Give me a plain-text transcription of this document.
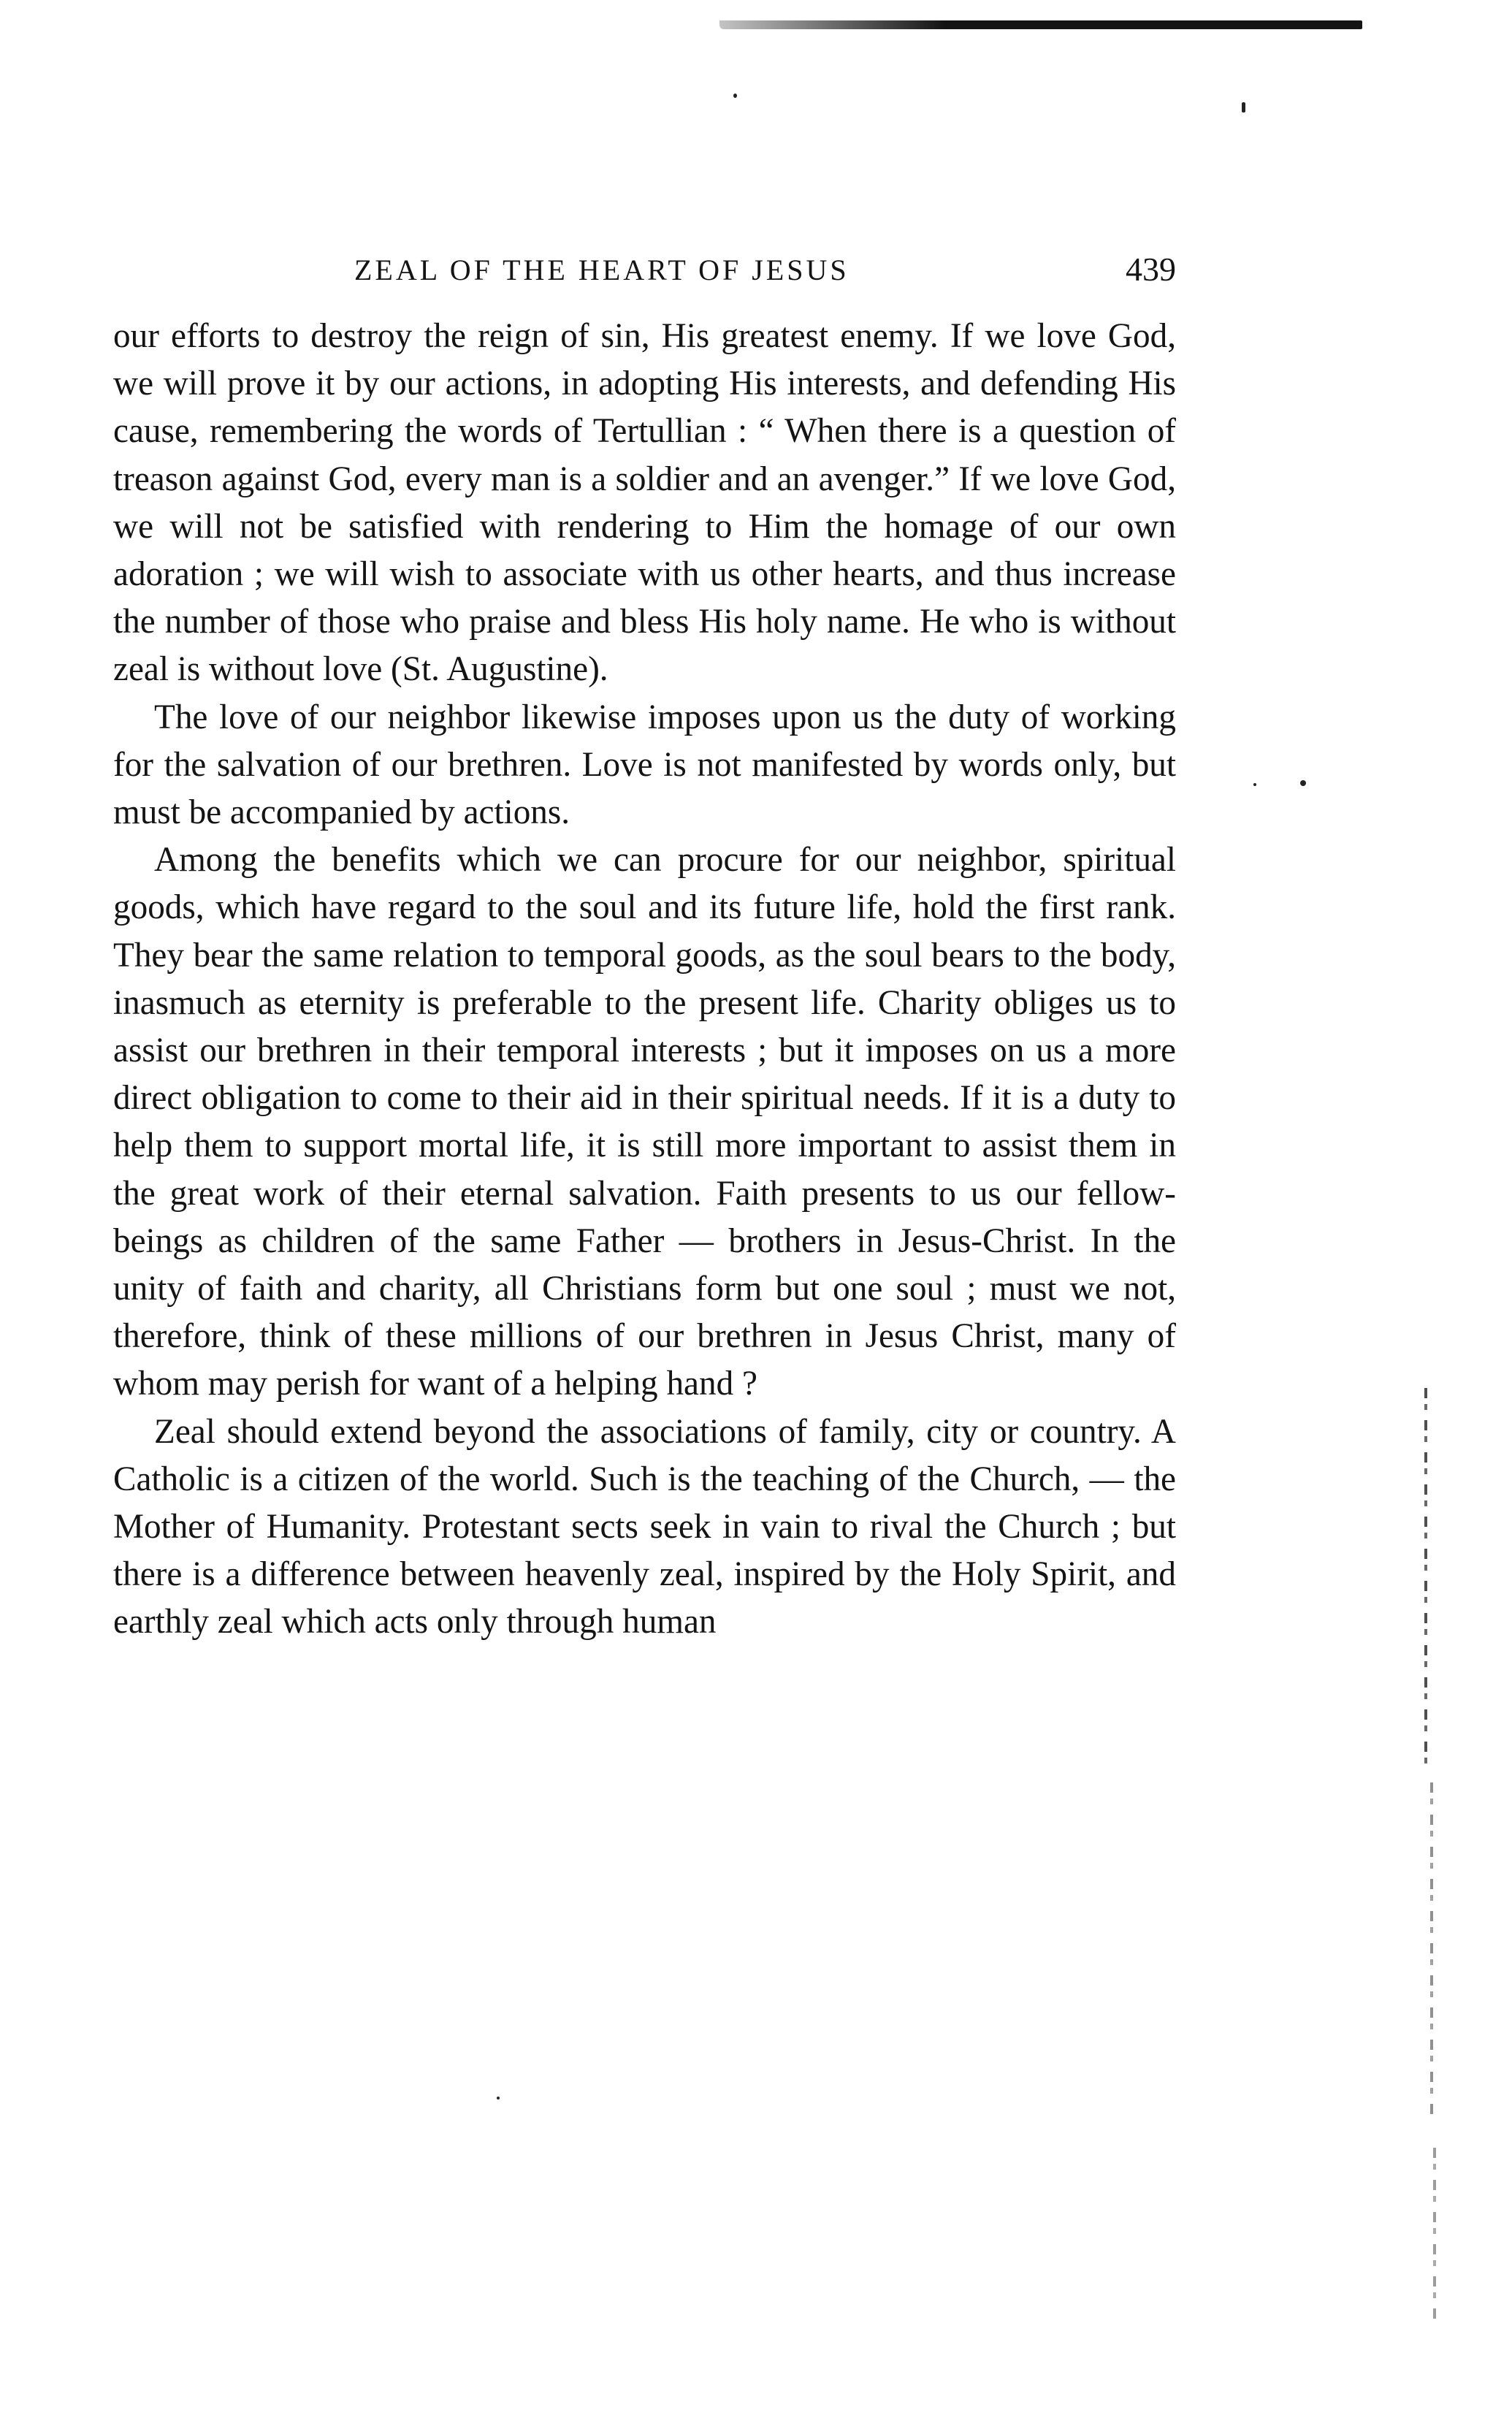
ZEAL OF THE HEART OF JESUS	439

our efforts to destroy the reign of sin, His greatest enemy. If we love God, we will prove it by our actions, in adopting His interests, and defending His cause, remembering the words of Tertullian : “ When there is a question of treason against God, every man is a soldier and an avenger.” If we love God, we will not be satisfied with rendering to Him the homage of our own adoration ; we will wish to associate with us other hearts, and thus increase the number of those who praise and bless His holy name. He who is without zeal is without love (St. Augustine).

The love of our neighbor likewise imposes upon us the duty of working for the salvation of our brethren. Love is not manifested by words only, but must be accompanied by actions.

Among the benefits which we can procure for our neighbor, spiritual goods, which have regard to the soul and its future life, hold the first rank. They bear the same relation to temporal goods, as the soul bears to the body, inasmuch as eternity is preferable to the present life. Charity obliges us to assist our brethren in their temporal interests ; but it imposes on us a more direct obligation to come to their aid in their spiritual needs. If it is a duty to help them to support mortal life, it is still more important to assist them in the great work of their eternal salvation. Faith presents to us our fellow-beings as children of the same Father — brothers in Jesus-Christ. In the unity of faith and charity, all Christians form but one soul ; must we not, therefore, think of these millions of our brethren in Jesus Christ, many of whom may perish for want of a helping hand ?

Zeal should extend beyond the associations of family, city or country. A Catholic is a citizen of the world. Such is the teaching of the Church, — the Mother of Humanity. Protestant sects seek in vain to rival the Church ; but there is a difference between heavenly zeal, inspired by the Holy Spirit, and earthly zeal which acts only through human
